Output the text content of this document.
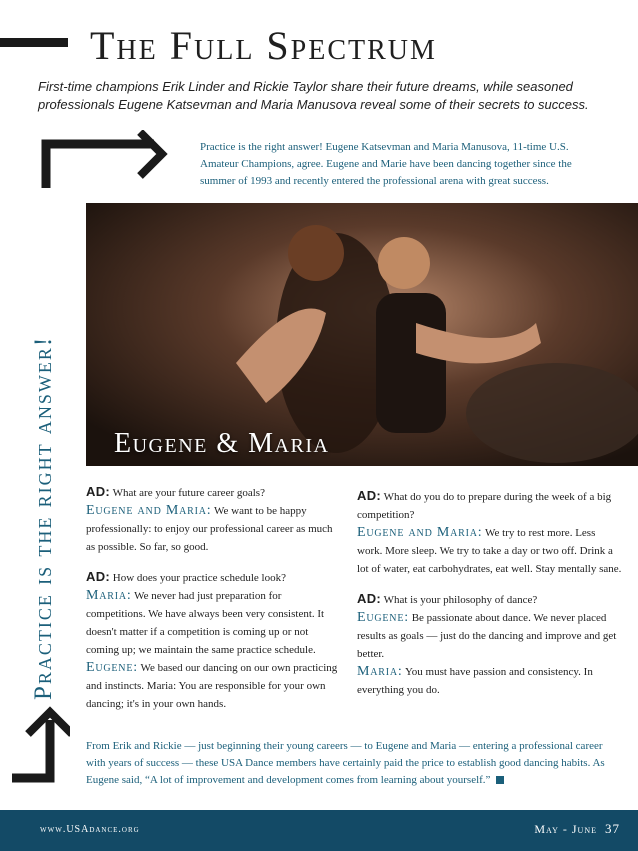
The Full Spectrum
First-time champions Erik Linder and Rickie Taylor share their future dreams, while seasoned professionals Eugene Katsevman and Maria Manusova reveal some of their secrets to success.
Practice is the right answer! Eugene Katsevman and Maria Manusova, 11-time U.S. Amateur Champions, agree. Eugene and Marie have been dancing together since the summer of 1993 and recently entered the professional arena with great success.
Practice is the right answer! Eugene & Maria
AD: What are your future career goals?
Eugene and Maria: We want to be happy professionally: to enjoy our professional career as much as possible. So far, so good.
AD: How does your practice schedule look?
Maria: We never had just preparation for competitions. We have always been very consistent. It doesn't matter if a competition is coming up or not coming up; we maintain the same practice schedule.
Eugene: We based our dancing on our own practicing and instincts. Maria: You are responsible for your own dancing; it's in your own hands.
AD: What do you do to prepare during the week of a big competition?
Eugene and Maria: We try to rest more. Less work. More sleep. We try to take a day or two off. Drink a lot of water, eat carbohydrates, eat well. Stay mentally sane.
AD: What is your philosophy of dance?
Eugene: Be passionate about dance. We never placed results as goals — just do the dancing and improve and get better.
Maria: You must have passion and consistency. In everything you do.
From Erik and Rickie — just beginning their young careers — to Eugene and Maria — entering a professional career with years of success — these USA Dance members have certainly paid the price to establish good dancing habits. As Eugene said, “A lot of improvement and development comes from learning about yourself.”
www.USAdance.org	May - June 37
